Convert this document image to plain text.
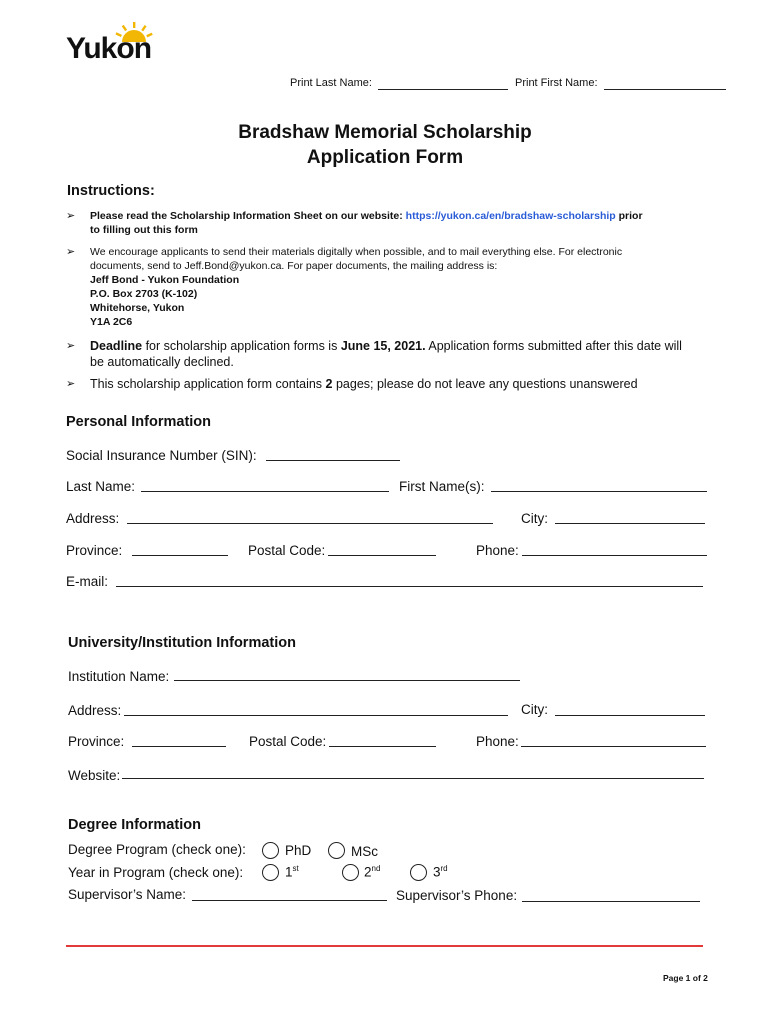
Yukon
Print Last Name:	Print First Name:
Bradshaw Memorial Scholarship
Application Form
Instructions:
➢ Please read the Scholarship Information Sheet on our website: https://yukon.ca/en/bradshaw-scholarship prior
to filling out this form
➢ We encourage applicants to send their materials digitally when possible, and to mail everything else. For electronic
documents, send to Jeff.Bond@yukon.ca. For paper documents, the mailing address is:
Jeff Bond - Yukon Foundation
P.O. Box 2703 (K-102)
Whitehorse, Yukon
Y1A 2C6
➢ Deadline for scholarship application forms is June 15, 2021. Application forms submitted after this date will
be automatically declined.
➢ This scholarship application form contains 2 pages; please do not leave any questions unanswered
Personal Information
Social Insurance Number (SIN):
Last Name:	First Name(s):
Address:	City:
Province:	Postal Code:	Phone:
E-mail:
University/Institution Information
Institution Name:
Address:	City:
Province:	Postal Code:	Phone:
Website:
Degree Information
Degree Program (check one):	PhD	MSc
Year in Program (check one):	1st	2nd	3rd
Supervisor’s Name:	Supervisor’s Phone:
Page 1 of 2
